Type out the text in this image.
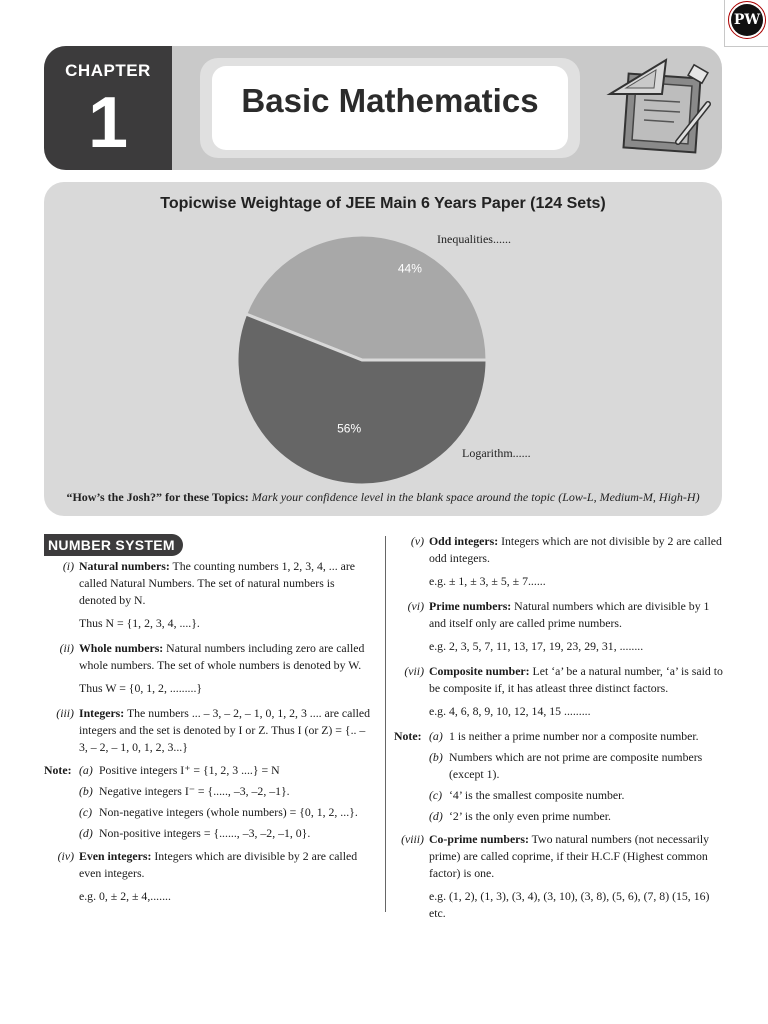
PW
CHAPTER
1	Basic Mathematics
Topicwise Weightage of JEE Main 6 Years Paper (124 Sets)
44%
56%
Inequalities......
Logarithm......
“How’s the Josh?” for these Topics: Mark your confidence level in the blank space around the topic (Low-L, Medium-M, High-H)
NUMBER SYSTEM
(i) Natural numbers: The counting numbers 1, 2, 3, 4, ... are called Natural Numbers. The set of natural numbers is denoted by N.
Thus N = {1, 2, 3, 4, ....}.
(ii) Whole numbers: Natural numbers including zero are called whole numbers. The set of whole numbers is denoted by W.
Thus W = {0, 1, 2, .........}
(iii) Integers: The numbers ... – 3, – 2, – 1, 0, 1, 2, 3 .... are called integers and the set is denoted by I or Z. Thus I (or Z) = {.. – 3, – 2, – 1, 0, 1, 2, 3...}
Note: (a) Positive integers I⁺ = {1, 2, 3 ....} = N
(b) Negative integers I⁻ = {....., –3, –2, –1}.
(c) Non-negative integers (whole numbers) = {0, 1, 2, ...}.
(d) Non-positive integers = {......, –3, –2, –1, 0}.
(iv) Even integers: Integers which are divisible by 2 are called even integers.
e.g. 0, ± 2, ± 4,.......
(v) Odd integers: Integers which are not divisible by 2 are called odd integers.
e.g. ± 1, ± 3, ± 5, ± 7......
(vi) Prime numbers: Natural numbers which are divisible by 1 and itself only are called prime numbers.
e.g. 2, 3, 5, 7, 11, 13, 17, 19, 23, 29, 31, ........
(vii) Composite number: Let ‘a’ be a natural number, ‘a’ is said to be composite if, it has atleast three distinct factors.
e.g. 4, 6, 8, 9, 10, 12, 14, 15 .........
Note: (a) 1 is neither a prime number nor a composite number.
(b) Numbers which are not prime are composite numbers (except 1).
(c) ‘4’ is the smallest composite number.
(d) ‘2’ is the only even prime number.
(viii) Co-prime numbers: Two natural numbers (not necessarily prime) are called coprime, if their H.C.F (Highest common factor) is one.
e.g. (1, 2), (1, 3), (3, 4), (3, 10), (3, 8), (5, 6), (7, 8) (15, 16) etc.
